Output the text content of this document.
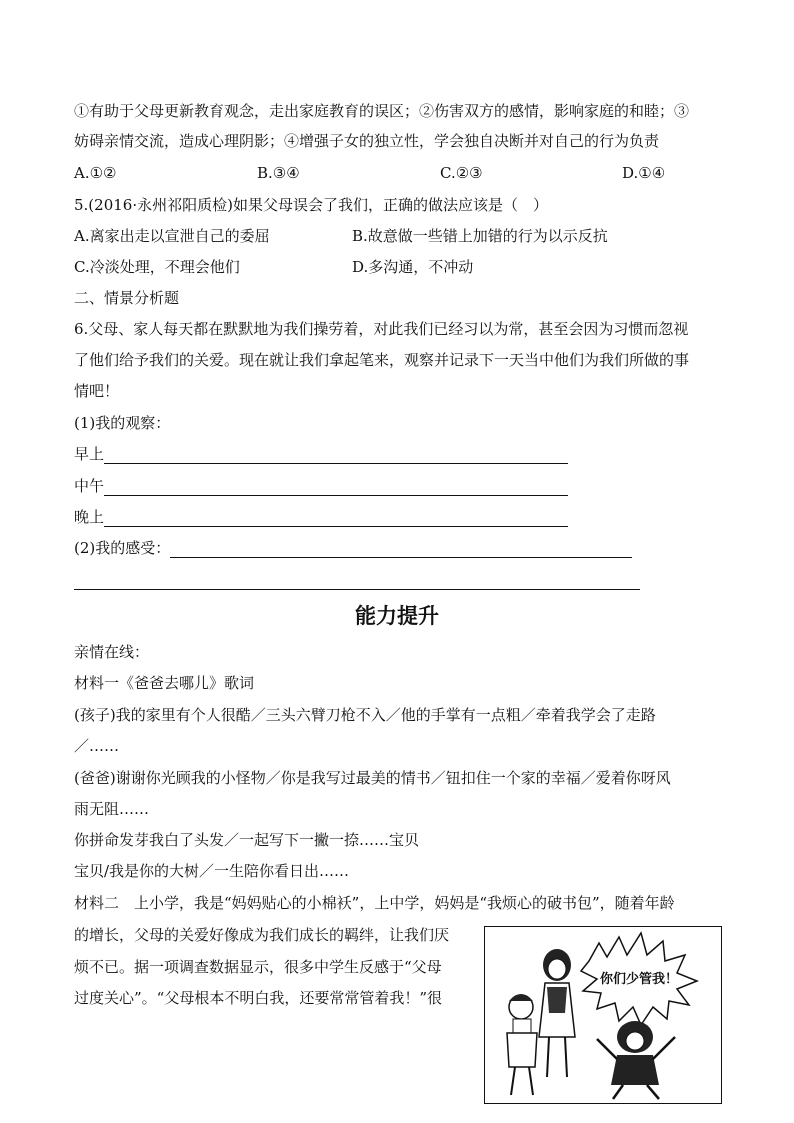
①有助于父母更新教育观念，走出家庭教育的误区；②伤害双方的感情，影响家庭的和睦；③
妨碍亲情交流，造成心理阴影；④增强子女的独立性，学会独自决断并对自己的行为负责
A.①②	B.③④	C.②③	D.①④
5.(2016·永州祁阳质检)如果父母误会了我们，正确的做法应该是（　）
A.离家出走以宣泄自己的委屈	B.故意做一些错上加错的行为以示反抗
C.冷淡处理，不理会他们	D.多沟通，不冲动
二、情景分析题
6.父母、家人每天都在默默地为我们操劳着，对此我们已经习以为常，甚至会因为习惯而忽视
了他们给予我们的关爱。现在就让我们拿起笔来，观察并记录下一天当中他们为我们所做的事
情吧！
(1)我的观察：
早上
中午
晚上
(2)我的感受：
能力提升
亲情在线：
材料一《爸爸去哪儿》歌词
(孩子)我的家里有个人很酷／三头六臂刀枪不入／他的手掌有一点粗／牵着我学会了走路
／……
(爸爸)谢谢你光顾我的小怪物／你是我写过最美的情书／钮扣住一个家的幸福／爱着你呀风
雨无阻……
你拼命发芽我白了头发／一起写下一撇一捺……宝贝
宝贝/我是你的大树／一生陪你看日出……
材料二　上小学，我是“妈妈贴心的小棉袄”，上中学，妈妈是“我烦心的破书包”，随着年龄
的增长，父母的关爱好像成为我们成长的羁绊，让我们厌
烦不已。据一项调查数据显示，很多中学生反感于“父母
过度关心”。“父母根本不明白我，还要常常管着我！”很
你们少管我！
